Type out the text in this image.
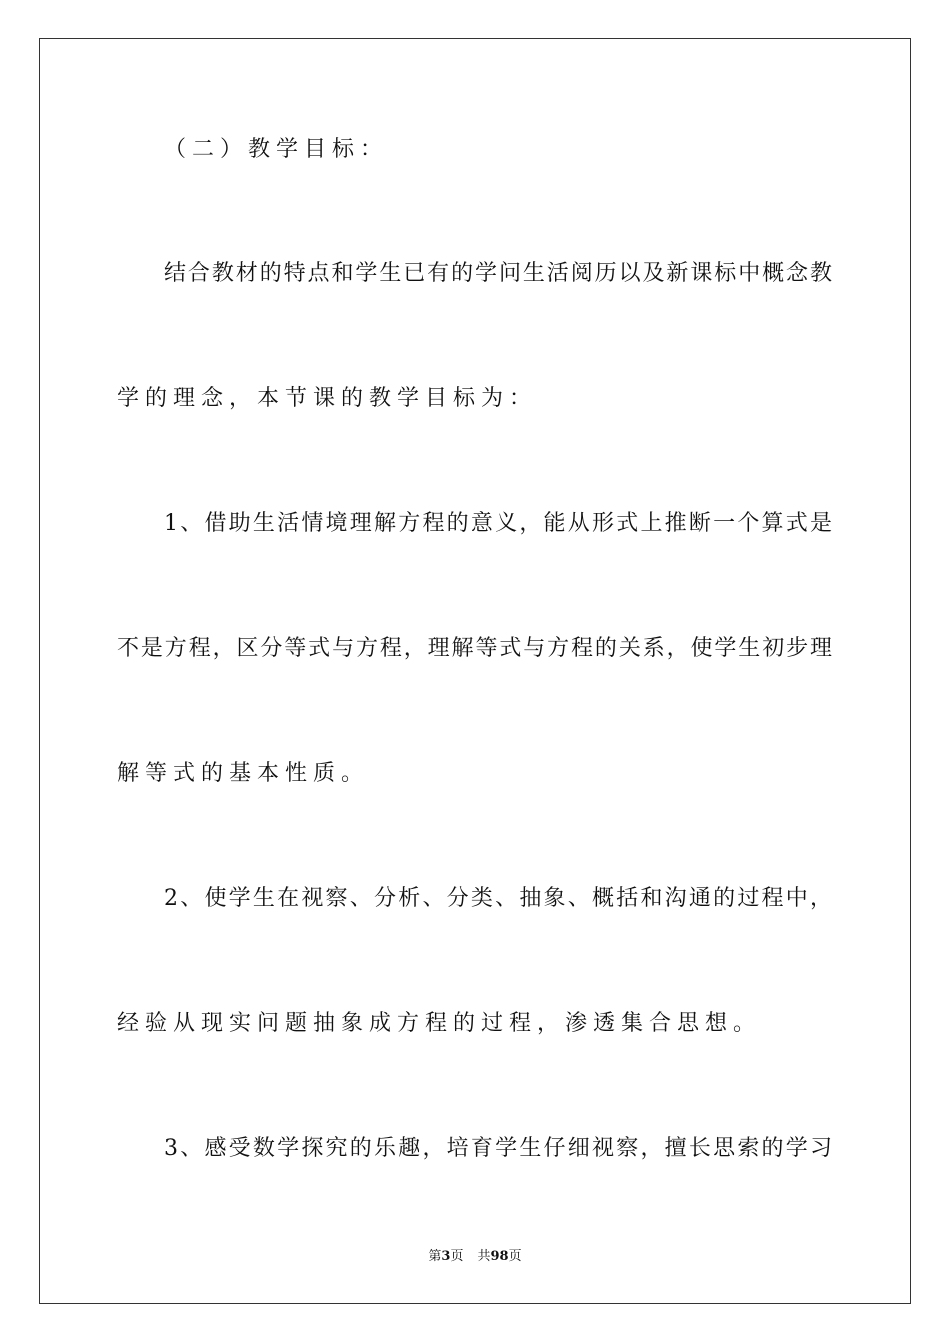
（二）教学目标：
结合教材的特点和学生已有的学问生活阅历以及新课标中概念教
学的理念，本节课的教学目标为：
1、借助生活情境理解方程的意义，能从形式上推断一个算式是
不是方程，区分等式与方程，理解等式与方程的关系，使学生初步理
解等式的基本性质。
2、使学生在视察、分析、分类、抽象、概括和沟通的过程中，
经验从现实问题抽象成方程的过程，渗透集合思想。
3、感受数学探究的乐趣，培育学生仔细视察，擅长思索的学习
第3页 共98页
